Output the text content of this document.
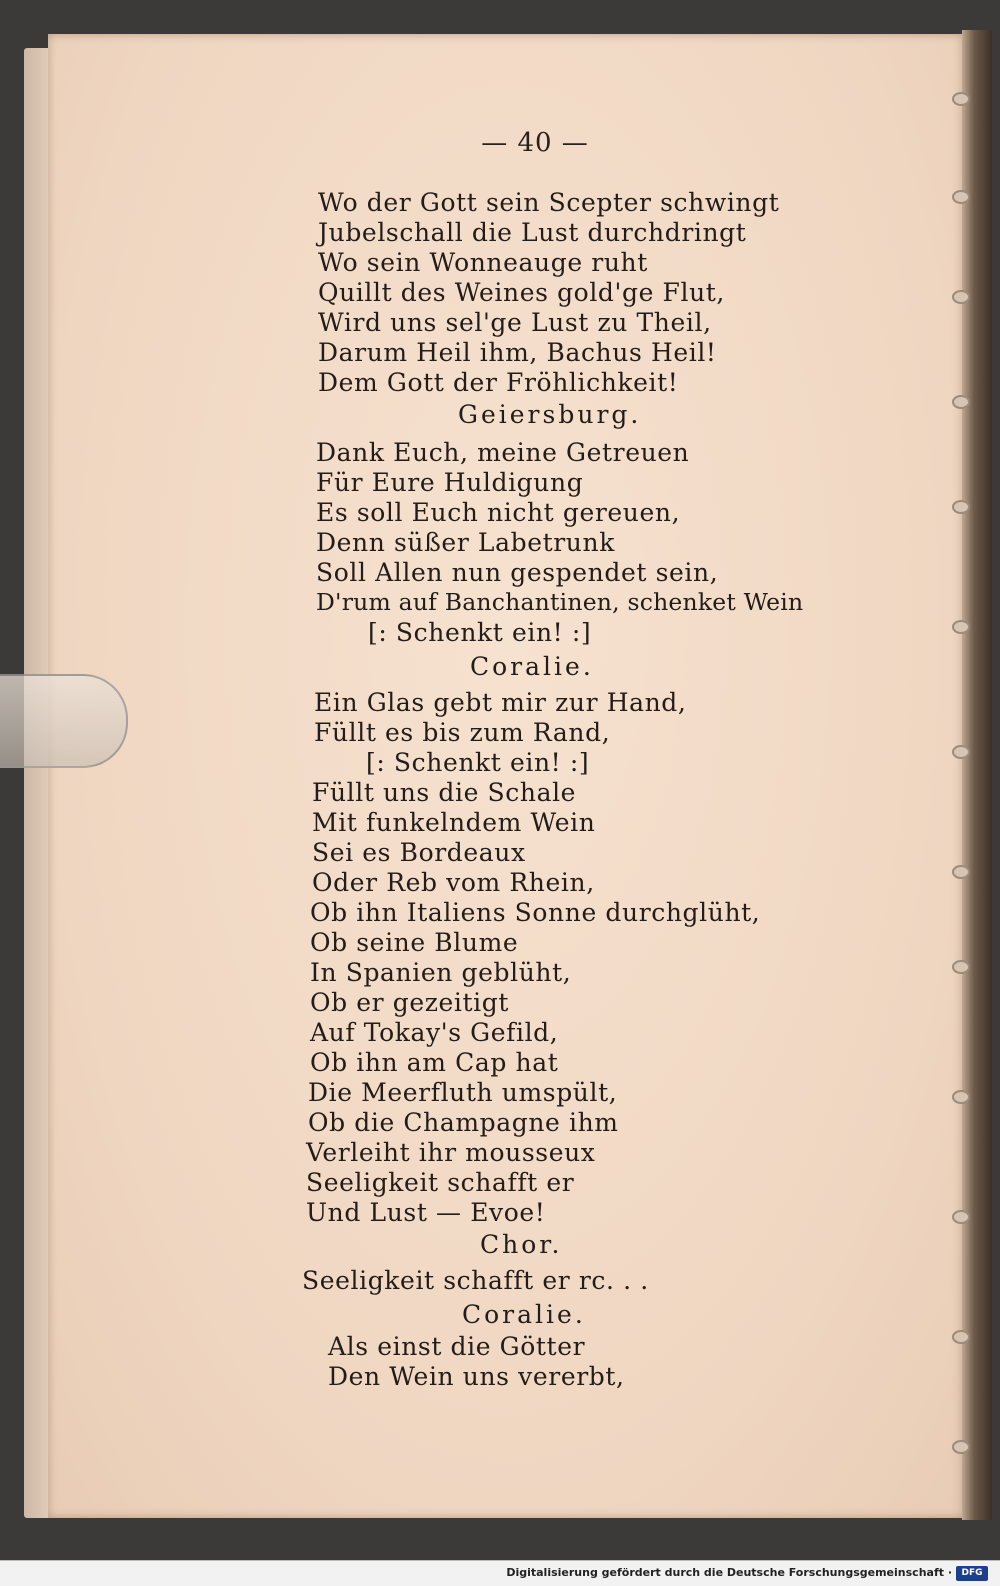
— 40 —
Wo der Gott sein Scepter schwingt
Jubelschall die Lust durchdringt
Wo sein Wonneauge ruht
Quillt des Weines gold'ge Flut,
Wird uns sel'ge Lust zu Theil,
Darum Heil ihm, Bachus Heil!
Dem Gott der Fröhlichkeit!
Geiersburg.
Dank Euch, meine Getreuen
Für Eure Huldigung
Es soll Euch nicht gereuen,
Denn süßer Labetrunk
Soll Allen nun gespendet sein,
D'rum auf Banchantinen, schenket Wein
[: Schenkt ein! :]
Coralie.
Ein Glas gebt mir zur Hand,
Füllt es bis zum Rand,
[: Schenkt ein! :]
Füllt uns die Schale
Mit funkelndem Wein
Sei es Bordeaux
Oder Reb vom Rhein,
Ob ihn Italiens Sonne durchglüht,
Ob seine Blume
In Spanien geblüht,
Ob er gezeitigt
Auf Tokay's Gefild,
Ob ihn am Cap hat
Die Meerfluth umspült,
Ob die Champagne ihm
Verleiht ihr mousseux
Seeligkeit schafft er
Und Lust — Evoe!
Chor.
Seeligkeit schafft er rc. . .
Coralie.
Als einst die Götter
Den Wein uns vererbt,
Digitalisierung gefördert durch die Deutsche Forschungsgemeinschaft ·	DFG
